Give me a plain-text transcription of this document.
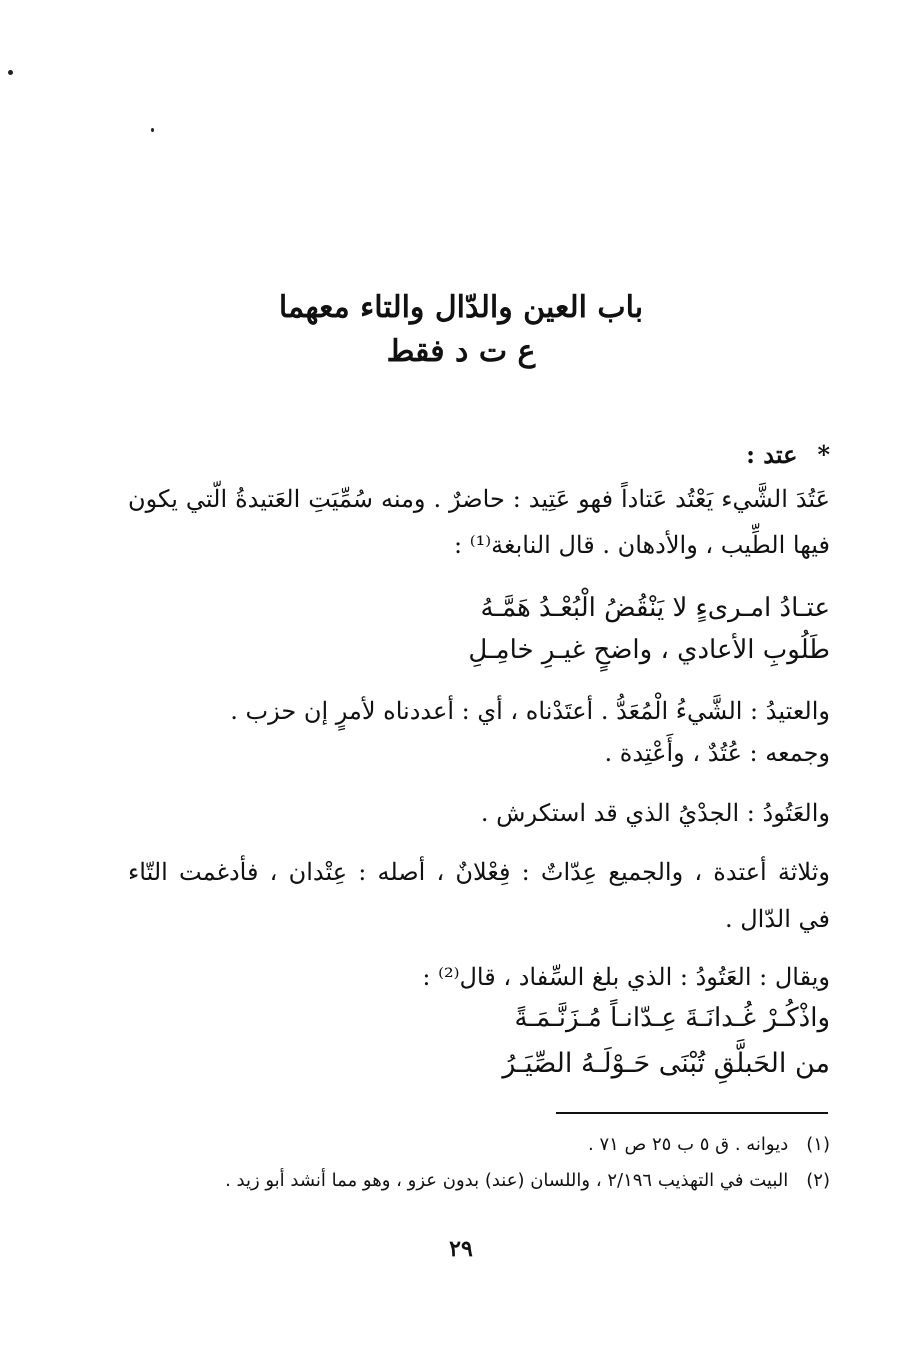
باب العين والدّال والتاء معهما
ع ت د فقط
*عتد :
عَتُدَ الشَّيء يَعْتُد عَتاداً فهو عَتِيد : حاضرٌ . ومنه سُمِّيَتِ العَتيدةُ الّتي يكون
فيها الطِّيب ، والأدهان . قال النابغة⁽¹⁾ :
عتـادُ امـرىءٍ لا يَنْقُضُ الْبُعْـدُ هَمَّـهُ
طَلُوبِ الأعادي ، واضحٍ غيـرِ خامِـلِ
والعتيدُ : الشَّيءُ الْمُعَدُّ . أعتَدْناه ، أي : أعددناه لأمرٍ إن حزب .
وجمعه : عُتُدٌ ، وأَعْتِدة .
والعَتُودُ : الجدْيُ الذي قد استكرش .
وثلاثة أعتدة ، والجميع عِدّاتٌ : فِعْلانٌ ، أصله : عِتْدان ، فأدغمت التّاء
في الدّال .
ويقال : العَتُودُ : الذي بلغ السِّفاد ، قال⁽²⁾ :
واذْكُـرْ غُـدانَـةَ عِـدّانـاً مُـزَنَّـمَـةً
من الحَبلَّقِ تُبْنَى حَـوْلَـهُ الصِّيَـرُ
(١)ديوانه . ق ٥ ب ٢٥ ص ٧١ .
(٢)البيت في التهذيب ٢/١٩٦ ، واللسان (عند) بدون عزو ، وهو مما أنشد أبو زيد .
٢٩
